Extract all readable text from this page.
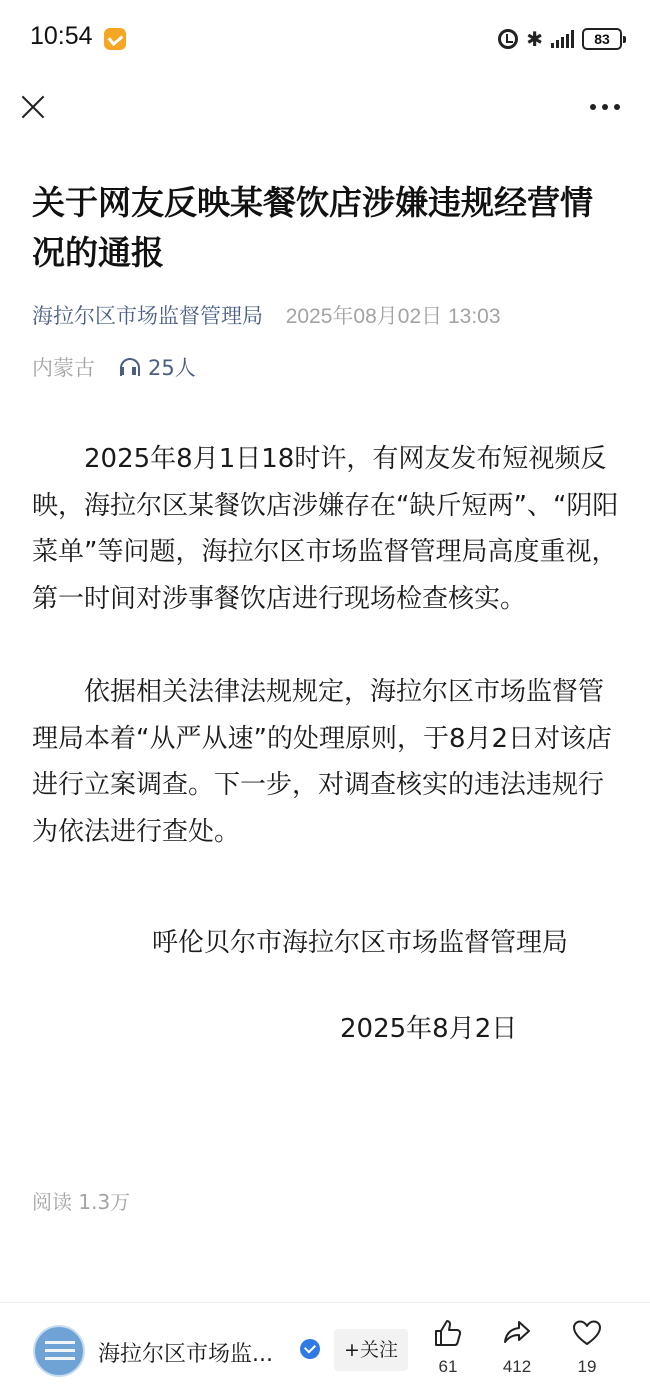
10:54	✱	83
关于网友反映某餐饮店涉嫌违规经营情况的通报
海拉尔区市场监督管理局 2025年08月02日 13:03
内蒙古	25人

2025年8月1日18时许，有网友发布短视频反映，海拉尔区某餐饮店涉嫌存在“缺斤短两”、“阴阳菜单”等问题，海拉尔区市场监督管理局高度重视，第一时间对涉事餐饮店进行现场检查核实。

依据相关法律法规规定，海拉尔区市场监督管理局本着“从严从速”的处理原则，于8月2日对该店进行立案调查。下一步，对调查核实的违法违规行为依法进行查处。

呼伦贝尔市海拉尔区市场监督管理局
2025年8月2日
阅读 1.3万
海拉尔区市场监...	+关注
61	412	19
